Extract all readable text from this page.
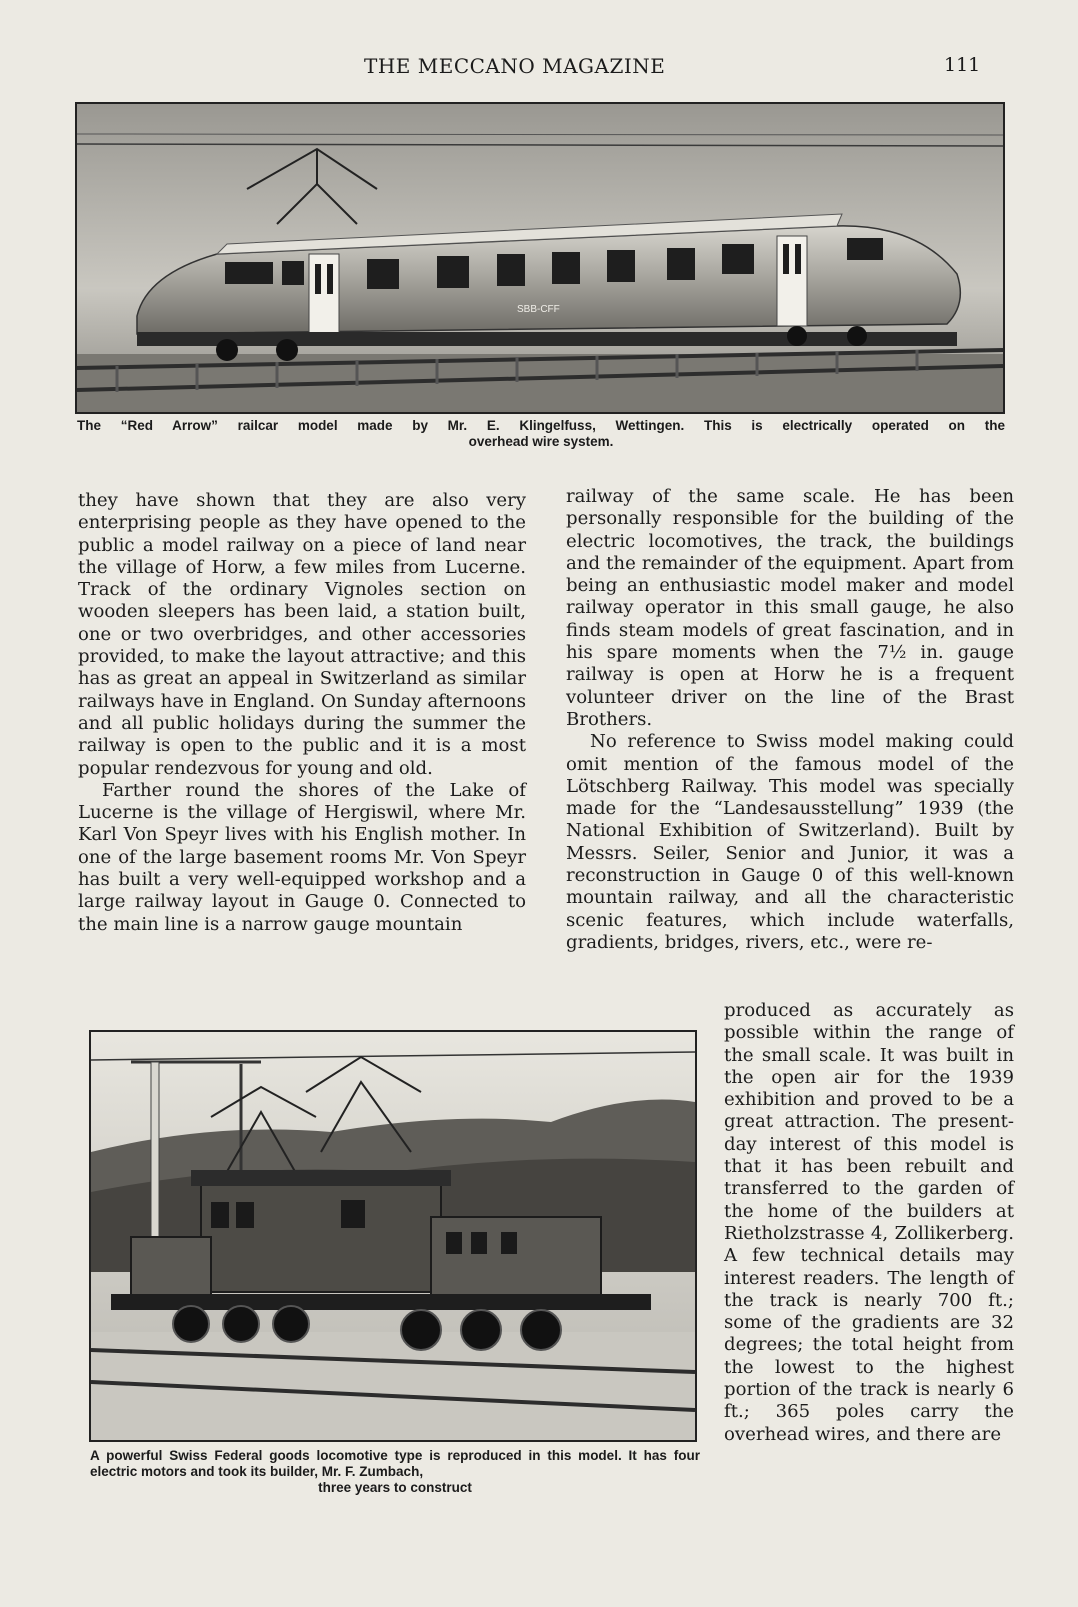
THE MECCANO MAGAZINE	111
SBB-CFF
The “Red Arrow” railcar model made by Mr. E. Klingelfuss, Wettingen. This is electrically operated on the
overhead wire system.

they have shown that they are also very enterprising people as they have opened to the public a model railway on a piece of land near the village of Horw, a few miles from Lucerne. Track of the ordinary Vignoles section on wooden sleepers has been laid, a station built, one or two overbridges, and other accessories provided, to make the layout attractive; and this has as great an appeal in Switzerland as similar railways have in England. On Sunday afternoons and all public holidays during the summer the railway is open to the public and it is a most popular rendezvous for young and old.

Farther round the shores of the Lake of Lucerne is the village of Hergiswil, where Mr. Karl Von Speyr lives with his English mother. In one of the large basement rooms Mr. Von Speyr has built a very well-equipped workshop and a large railway layout in Gauge 0. Connected to the main line is a narrow gauge mountain

railway of the same scale. He has been personally responsible for the building of the electric locomotives, the track, the buildings and the remainder of the equipment. Apart from being an enthusiastic model maker and model railway operator in this small gauge, he also finds steam models of great fascination, and in his spare moments when the 7½ in. gauge railway is open at Horw he is a frequent volunteer driver on the line of the Brast Brothers.

No reference to Swiss model making could omit mention of the famous model of the Lötschberg Railway. This model was specially made for the “Landesausstellung” 1939 (the National Exhibition of Switzerland). Built by Messrs. Seiler, Senior and Junior, it was a reconstruction in Gauge 0 of this well-known mountain railway, and all the characteristic scenic features, which include waterfalls, gradients, bridges, rivers, etc., were re-

produced as accurately as possible within the range of the small scale. It was built in the open air for the 1939 exhibition and proved to be a great attraction. The present-day interest of this model is that it has been rebuilt and transferred to the garden of the home of the builders at Rietholzstrasse 4, Zollikerberg. A few technical details may interest readers. The length of the track is nearly 700 ft.; some of the gradients are 32 degrees; the total height from the lowest to the highest portion of the track is nearly 6 ft.; 365 poles carry the overhead wires, and there are

A powerful Swiss Federal goods locomotive type is reproduced in this model. It has four electric motors and took its builder, Mr. F. Zumbach,
three years to construct
